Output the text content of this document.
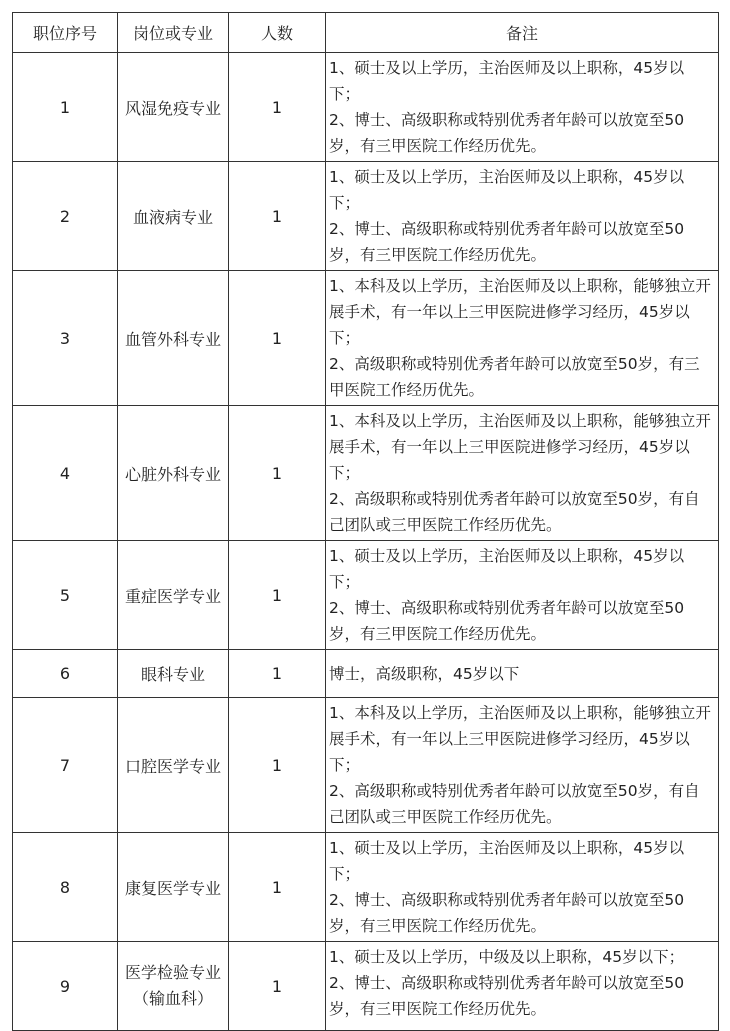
职位序号	岗位或专业	人数	备注
1	风湿免疫专业	1	1、硕士及以上学历，主治医师及以上职称，45岁以下；
2、博士、高级职称或特别优秀者年龄可以放宽至50岁，有三甲医院工作经历优先。
2	血液病专业	1	1、硕士及以上学历，主治医师及以上职称，45岁以下；
2、博士、高级职称或特别优秀者年龄可以放宽至50岁，有三甲医院工作经历优先。
3	血管外科专业	1	1、本科及以上学历，主治医师及以上职称，能够独立开展手术，有一年以上三甲医院进修学习经历，45岁以下；
2、高级职称或特别优秀者年龄可以放宽至50岁，有三甲医院工作经历优先。
4	心脏外科专业	1	1、本科及以上学历，主治医师及以上职称，能够独立开展手术，有一年以上三甲医院进修学习经历，45岁以下；
2、高级职称或特别优秀者年龄可以放宽至50岁，有自己团队或三甲医院工作经历优先。
5	重症医学专业	1	1、硕士及以上学历，主治医师及以上职称，45岁以下；
2、博士、高级职称或特别优秀者年龄可以放宽至50岁，有三甲医院工作经历优先。
6	眼科专业	1	博士，高级职称，45岁以下
7	口腔医学专业	1	1、本科及以上学历，主治医师及以上职称，能够独立开展手术，有一年以上三甲医院进修学习经历，45岁以下；
2、高级职称或特别优秀者年龄可以放宽至50岁，有自己团队或三甲医院工作经历优先。
8	康复医学专业	1	1、硕士及以上学历，主治医师及以上职称，45岁以下；
2、博士、高级职称或特别优秀者年龄可以放宽至50岁，有三甲医院工作经历优先。
9	医学检验专业（输血科）	1	1、硕士及以上学历，中级及以上职称，45岁以下；
2、博士、高级职称或特别优秀者年龄可以放宽至50岁，有三甲医院工作经历优先。
